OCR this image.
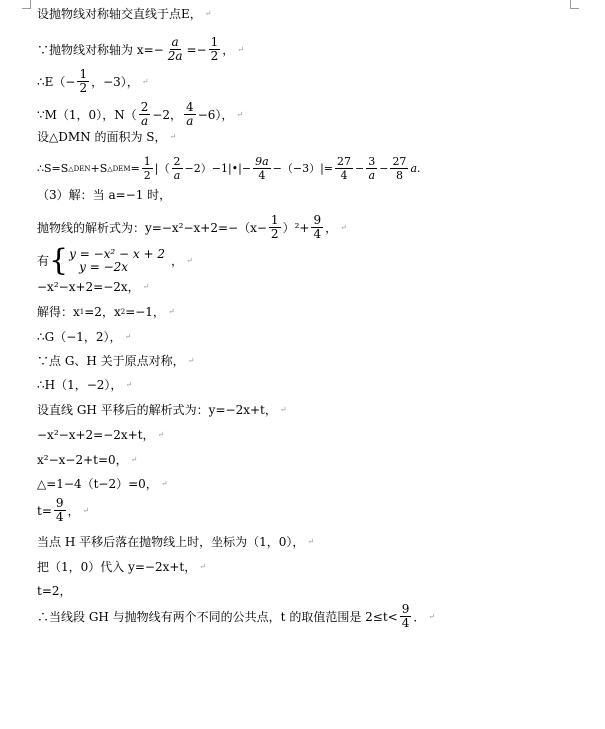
设抛物线对称轴交直线于点E， ↵
∵抛物线对称轴为 $x=- \frac{a}{2a} =- \frac{1}{2}$ ， ↵
∴E（− $\frac{1}{2}$ ，−3）， ↵
∵M（1，0），$N( \frac{2}{a} -2$， $\frac{4}{a} -6$）， ↵
设△DMN 的面积为 S， ↵
∴S=S △DEN +S △DEM = $\frac{1}{2}$ |（ $\frac{2}{a}$ −2）−1|•|− $\frac{9a}{4} -(-3)|= \frac{27}{4} - \frac{3}{a} - \frac{27}{8} a$.
（3）解：当 a=−1 时，
抛物线的解析式为：$y=-x^2-x+2=-(x- \frac{1}{2} )^2+ \frac{9}{4}$ ， ↵
有 { y = −x² − x + 2
y = −2x	， ↵
−x²−x+2=−2x， ↵
解得：x 1 =2，x 2 =−1， ↵
∴G（−1，2）， ↵
∵点 G、H 关于原点对称， ↵
∴H（1，−2）， ↵
设直线 GH 平移后的解析式为：y=−2x+t， ↵
−x²−x+2=−2x+t， ↵
x²−x−2+t=0， ↵
△=1−4（t−2）=0， ↵
$t= \frac{9}{4}$ ， ↵
当点 H 平移后落在抛物线上时，坐标为（1，0）， ↵
把（1，0）代入 y=−2x+t， ↵
t=2，
∴当线段 GH 与抛物线有两个不同的公共点，t 的取值范围是 $2\le t< \frac{9}{4}$ ． ↵
